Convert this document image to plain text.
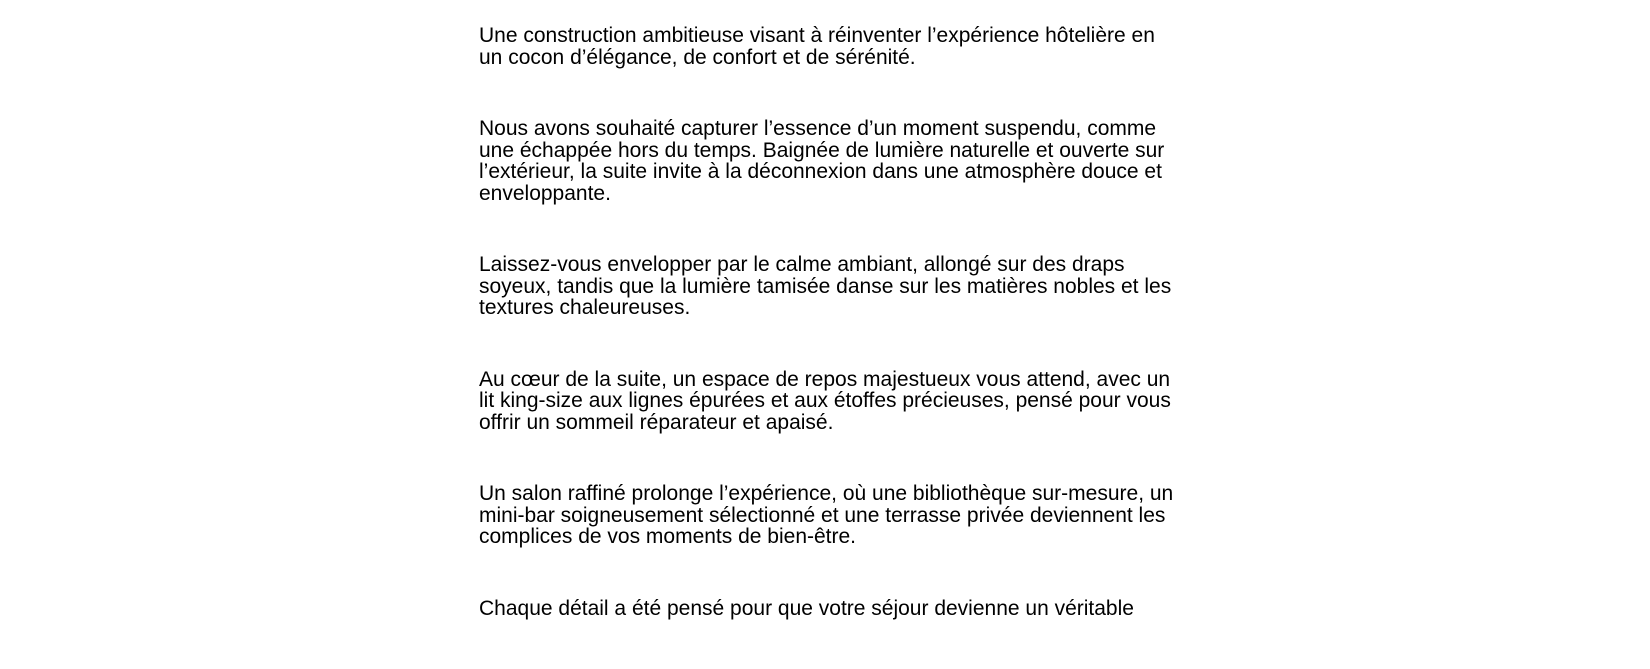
Une construction ambitieuse visant à réinventer l’expérience hôtelière en
un cocon d’élégance, de confort et de sérénité.

Nous avons souhaité capturer l’essence d’un moment suspendu, comme
une échappée hors du temps. Baignée de lumière naturelle et ouverte sur
l’extérieur, la suite invite à la déconnexion dans une atmosphère douce et
enveloppante.

Laissez-vous envelopper par le calme ambiant, allongé sur des draps
soyeux, tandis que la lumière tamisée danse sur les matières nobles et les
textures chaleureuses.

Au cœur de la suite, un espace de repos majestueux vous attend, avec un
lit king-size aux lignes épurées et aux étoffes précieuses, pensé pour vous
offrir un sommeil réparateur et apaisé.

Un salon raffiné prolonge l’expérience, où une bibliothèque sur-mesure, un
mini-bar soigneusement sélectionné et une terrasse privée deviennent les
complices de vos moments de bien-être.

Chaque détail a été pensé pour que votre séjour devienne un véritable
